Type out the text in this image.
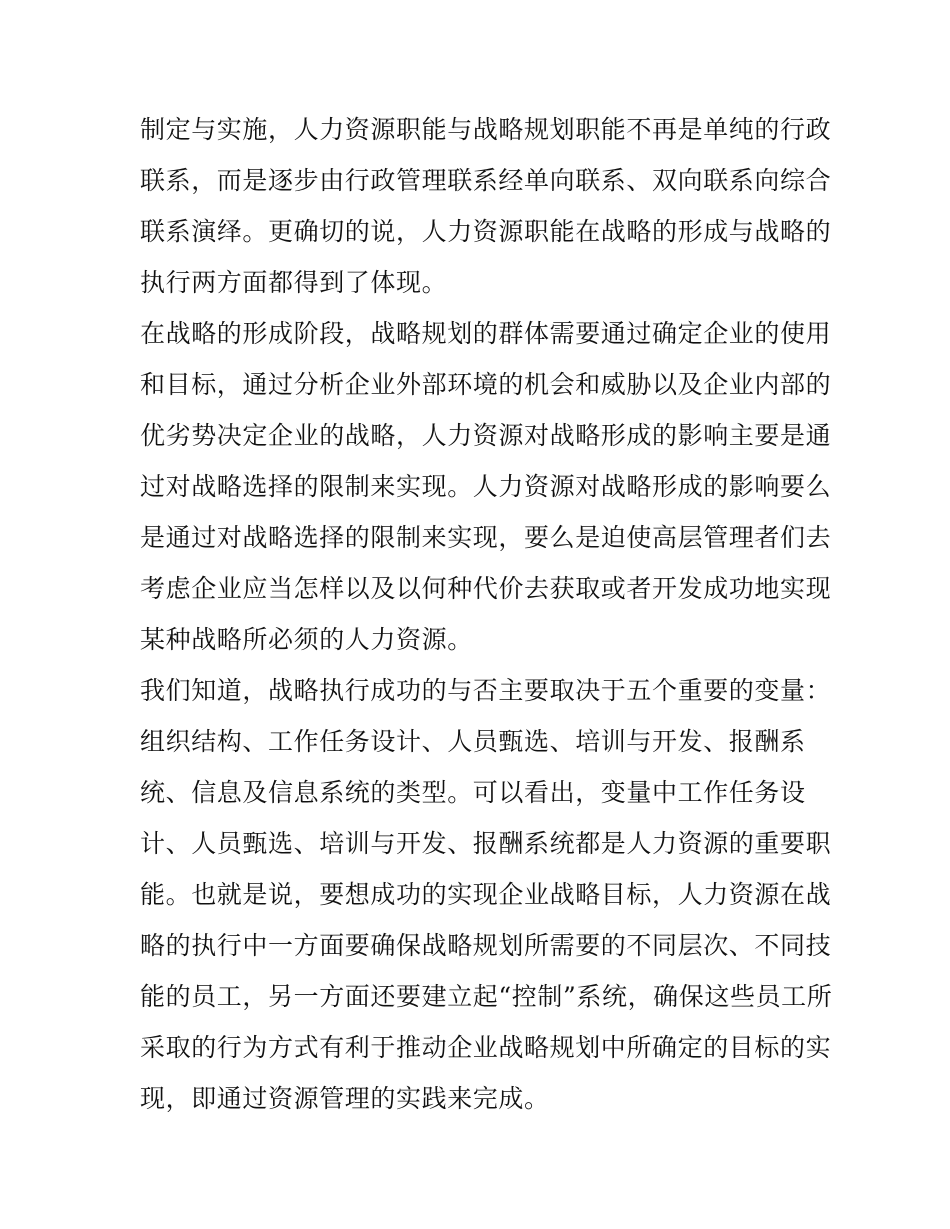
制定与实施，人力资源职能与战略规划职能不再是单纯的行政
联系，而是逐步由行政管理联系经单向联系、双向联系向综合
联系演绎。更确切的说，人力资源职能在战略的形成与战略的
执行两方面都得到了体现。
在战略的形成阶段，战略规划的群体需要通过确定企业的使用
和目标，通过分析企业外部环境的机会和威胁以及企业内部的
优劣势决定企业的战略，人力资源对战略形成的影响主要是通
过对战略选择的限制来实现。人力资源对战略形成的影响要么
是通过对战略选择的限制来实现，要么是迫使高层管理者们去
考虑企业应当怎样以及以何种代价去获取或者开发成功地实现
某种战略所必须的人力资源。
我们知道，战略执行成功的与否主要取决于五个重要的变量：
组织结构、工作任务设计、人员甄选、培训与开发、报酬系
统、信息及信息系统的类型。可以看出，变量中工作任务设
计、人员甄选、培训与开发、报酬系统都是人力资源的重要职
能。也就是说，要想成功的实现企业战略目标，人力资源在战
略的执行中一方面要确保战略规划所需要的不同层次、不同技
能的员工，另一方面还要建立起“控制”系统，确保这些员工所
采取的行为方式有利于推动企业战略规划中所确定的目标的实
现，即通过资源管理的实践来完成。
